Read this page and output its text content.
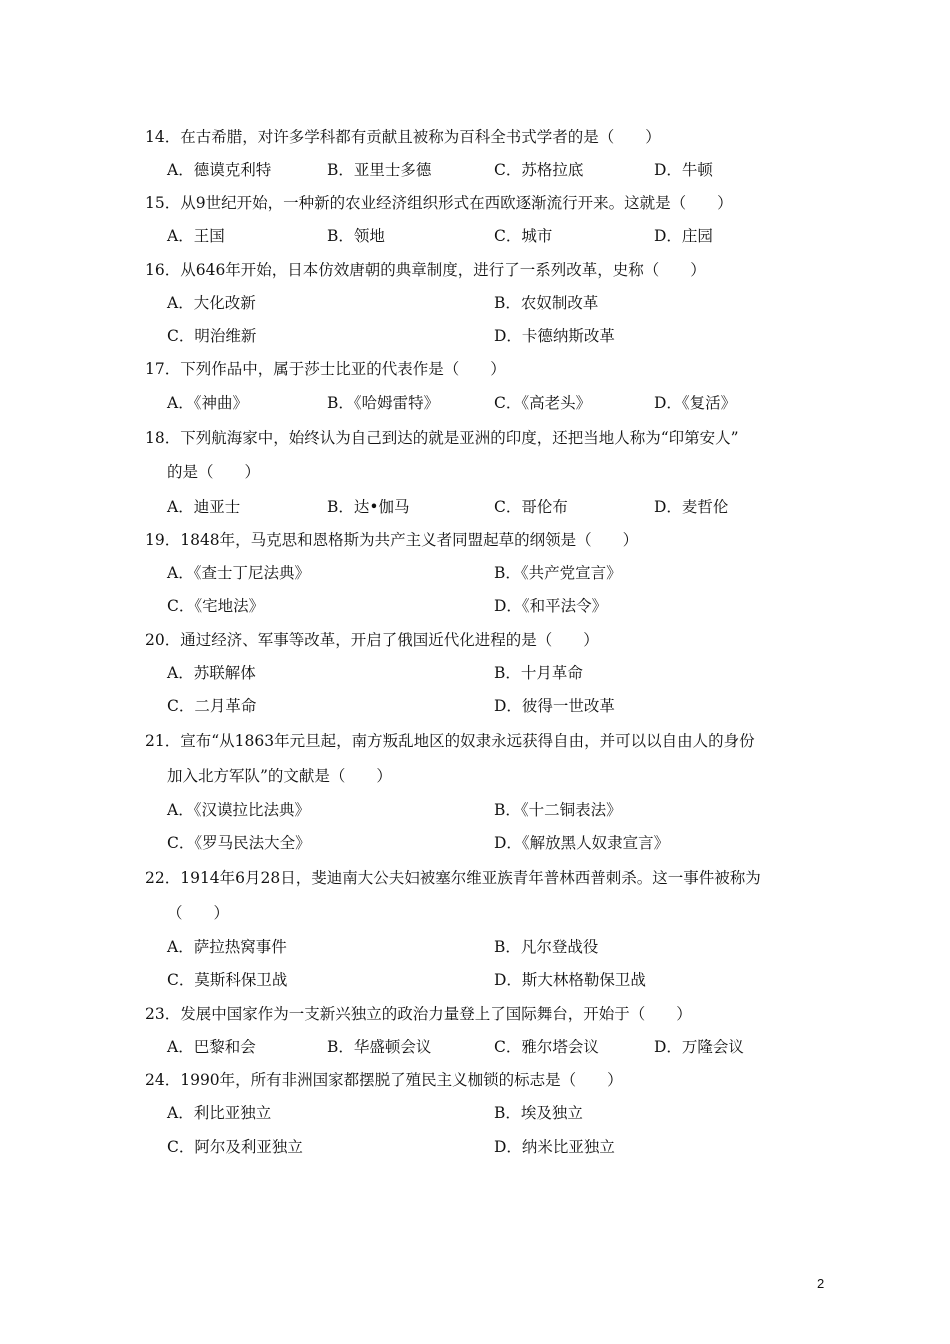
14．在古希腊，对许多学科都有贡献且被称为百科全书式学者的是（　　）
A．德谟克利特	B．亚里士多德	C．苏格拉底	D．牛顿
15．从9世纪开始，一种新的农业经济组织形式在西欧逐渐流行开来。这就是（　　）
A．王国	B．领地	C．城市	D．庄园
16．从646年开始，日本仿效唐朝的典章制度，进行了一系列改革，史称（　　）
A．大化改新	B．农奴制改革
C．明治维新	D．卡德纳斯改革
17．下列作品中，属于莎士比亚的代表作是（　　）
A．《神曲》	B．《哈姆雷特》	C．《高老头》	D．《复活》
18．下列航海家中，始终认为自己到达的就是亚洲的印度，还把当地人称为“印第安人”
的是（　　）
A．迪亚士	B．达•伽马	C．哥伦布	D．麦哲伦
19．1848年，马克思和恩格斯为共产主义者同盟起草的纲领是（　　）
A．《查士丁尼法典》	B．《共产党宣言》
C．《宅地法》	D．《和平法令》
20．通过经济、军事等改革，开启了俄国近代化进程的是（　　）
A．苏联解体	B．十月革命
C．二月革命	D．彼得一世改革
21．宣布“从1863年元旦起，南方叛乱地区的奴隶永远获得自由，并可以以自由人的身份
加入北方军队”的文献是（　　）
A．《汉谟拉比法典》	B．《十二铜表法》
C．《罗马民法大全》	D．《解放黑人奴隶宣言》
22．1914年6月28日，斐迪南大公夫妇被塞尔维亚族青年普林西普刺杀。这一事件被称为
（　　）
A．萨拉热窝事件	B．凡尔登战役
C．莫斯科保卫战	D．斯大林格勒保卫战
23．发展中国家作为一支新兴独立的政治力量登上了国际舞台，开始于（　　）
A．巴黎和会	B．华盛顿会议	C．雅尔塔会议	D．万隆会议
24．1990年，所有非洲国家都摆脱了殖民主义枷锁的标志是（　　）
A．利比亚独立	B．埃及独立
C．阿尔及利亚独立	D．纳米比亚独立
2
